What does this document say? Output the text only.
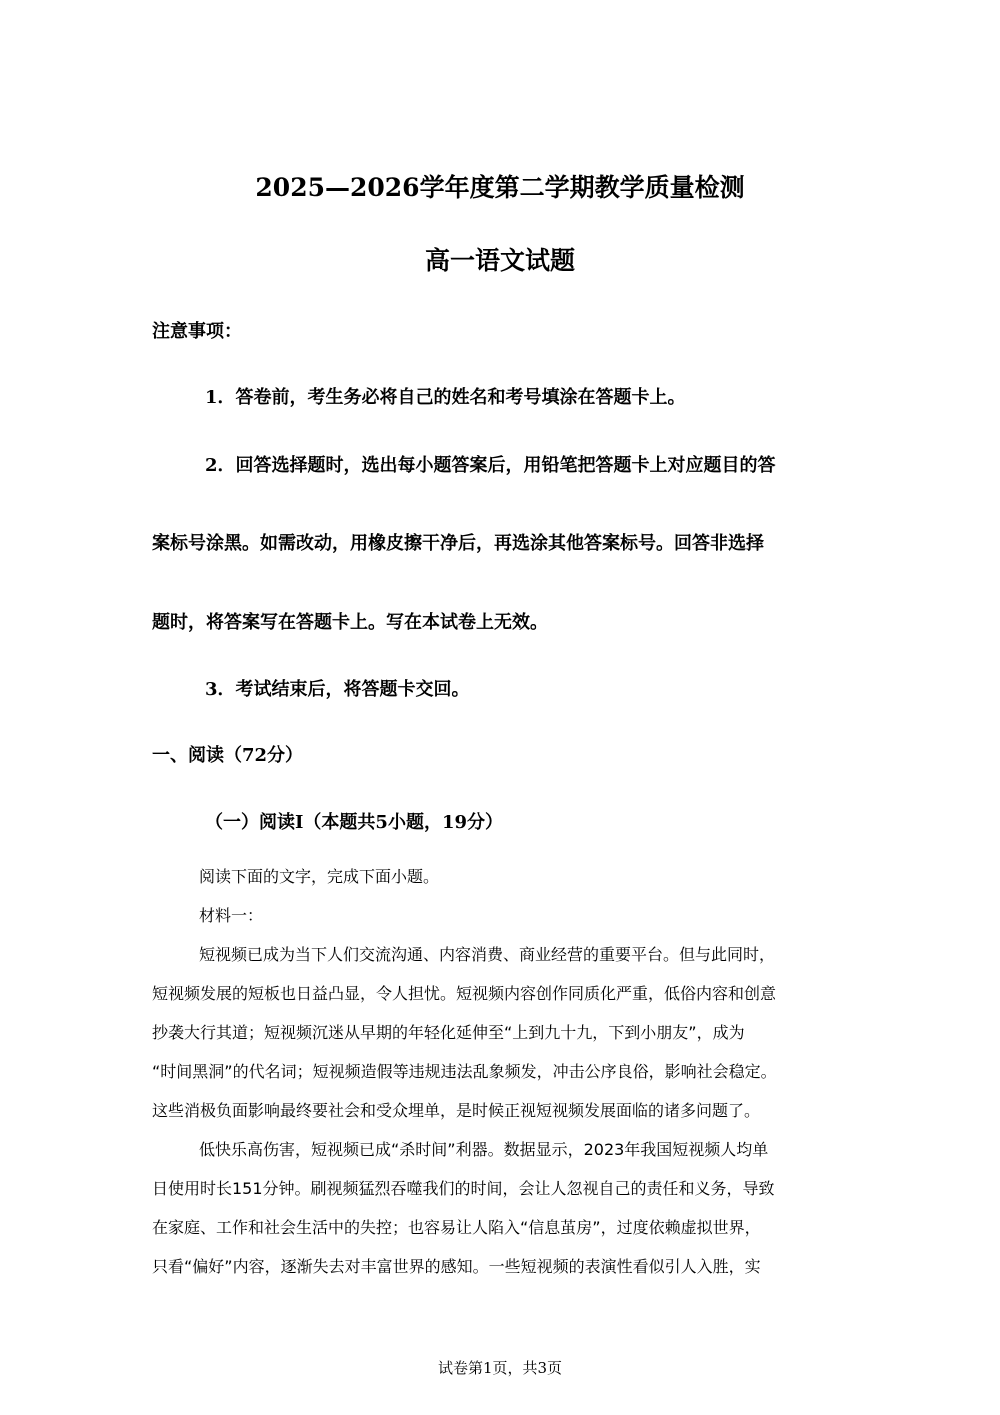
2025—2026学年度第二学期教学质量检测
高一语文试题
注意事项：
1．答卷前，考生务必将自己的姓名和考号填涂在答题卡上。
2．回答选择题时，选出每小题答案后，用铅笔把答题卡上对应题目的答
案标号涂黑。如需改动，用橡皮擦干净后，再选涂其他答案标号。回答非选择
题时，将答案写在答题卡上。写在本试卷上无效。
3．考试结束后，将答题卡交回。
一、阅读（72分）
（一）阅读I（本题共5小题，19分）
阅读下面的文字，完成下面小题。
材料一：
短视频已成为当下人们交流沟通、内容消费、商业经营的重要平台。但与此同时，
短视频发展的短板也日益凸显，令人担忧。短视频内容创作同质化严重，低俗内容和创意
抄袭大行其道；短视频沉迷从早期的年轻化延伸至“上到九十九，下到小朋友”，成为
“时间黑洞”的代名词；短视频造假等违规违法乱象频发，冲击公序良俗，影响社会稳定。
这些消极负面影响最终要社会和受众埋单，是时候正视短视频发展面临的诸多问题了。
低快乐高伤害，短视频已成“杀时间”利器。数据显示，2023年我国短视频人均单
日使用时长151分钟。刷视频猛烈吞噬我们的时间，会让人忽视自己的责任和义务，导致
在家庭、工作和社会生活中的失控；也容易让人陷入“信息茧房”，过度依赖虚拟世界，
只看“偏好”内容，逐渐失去对丰富世界的感知。一些短视频的表演性看似引人入胜，实
试卷第1页，共3页
